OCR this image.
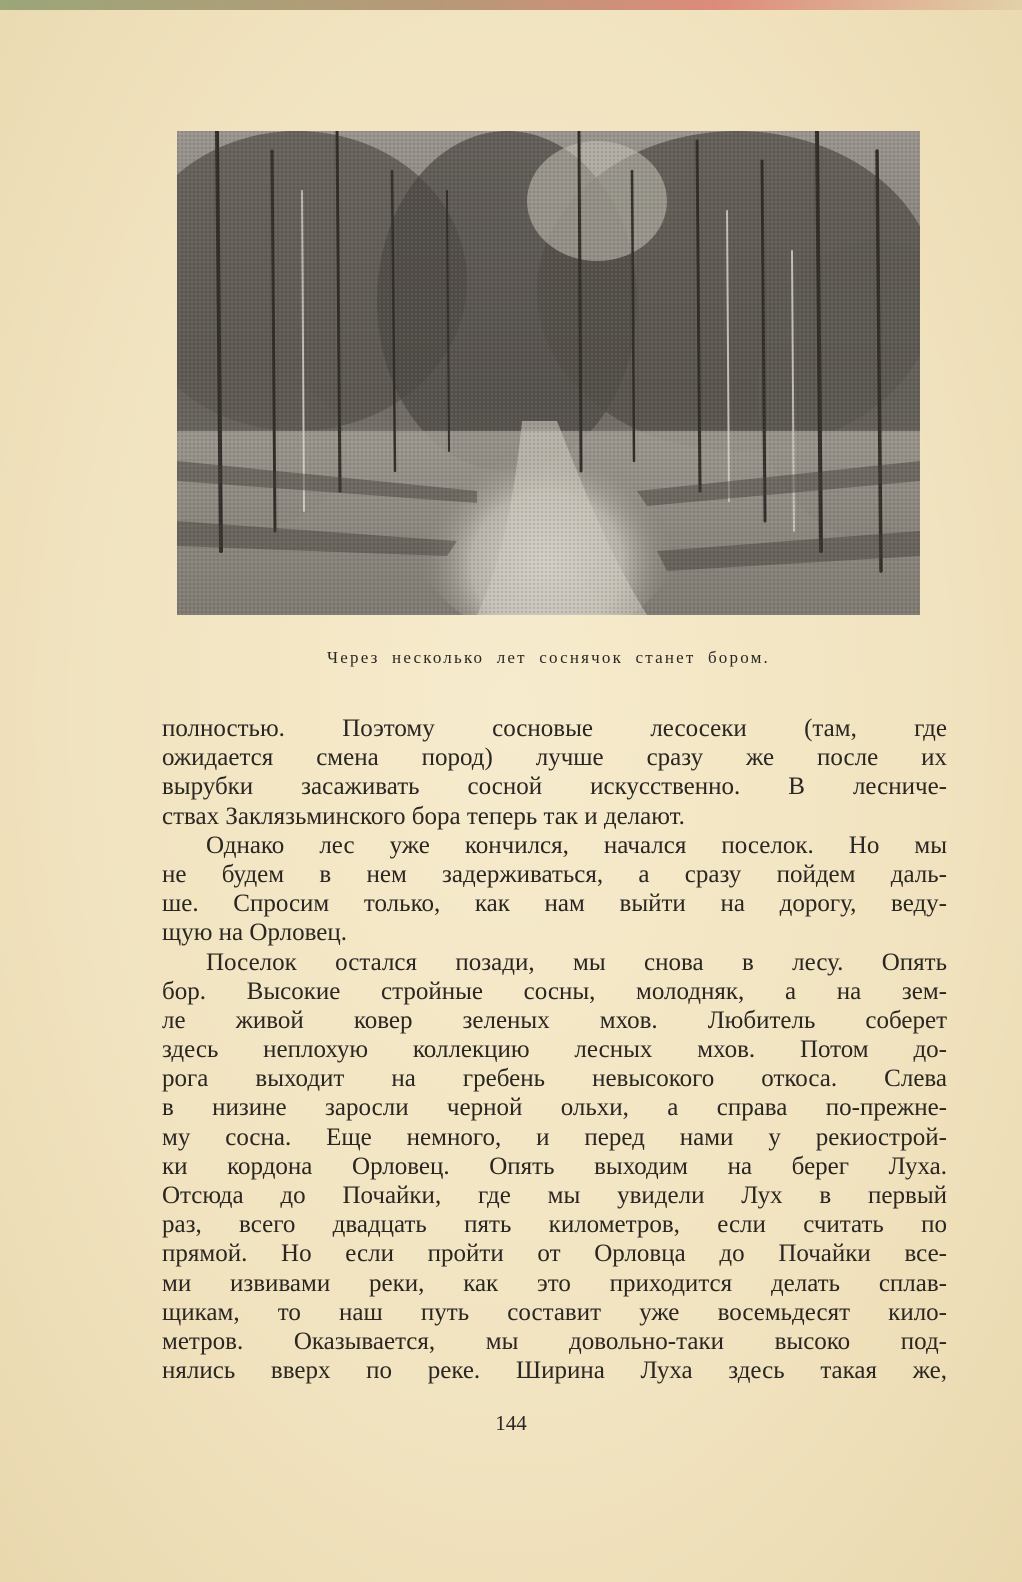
Через несколько лет соснячок станет бором.
полностью. Поэтому сосновые лесосеки (там, где
ожидается смена пород) лучше сразу же после их
вырубки засаживать сосной искусственно. В лесниче-
ствах Заклязьминского бора теперь так и делают.
Однако лес уже кончился, начался поселок. Но мы
не будем в нем задерживаться, а сразу пойдем даль-
ше. Спросим только, как нам выйти на дорогу, веду-
щую на Орловец.
Поселок остался позади, мы снова в лесу. Опять
бор. Высокие стройные сосны, молодняк, а на зем-
ле живой ковер зеленых мхов. Любитель соберет
здесь неплохую коллекцию лесных мхов. Потом до-
рога выходит на гребень невысокого откоса. Слева
в низине заросли черной ольхи, а справа по-прежне-
му сосна. Еще немного, и перед нами у рекиострой-
ки кордона Орловец. Опять выходим на берег Луха.
Отсюда до Почайки, где мы увидели Лух в первый
раз, всего двадцать пять километров, если считать по
прямой. Но если пройти от Орловца до Почайки все-
ми извивами реки, как это приходится делать сплав-
щикам, то наш путь составит уже восемьдесят кило-
метров. Оказывается, мы довольно-таки высоко под-
нялись вверх по реке. Ширина Луха здесь такая же,
144
